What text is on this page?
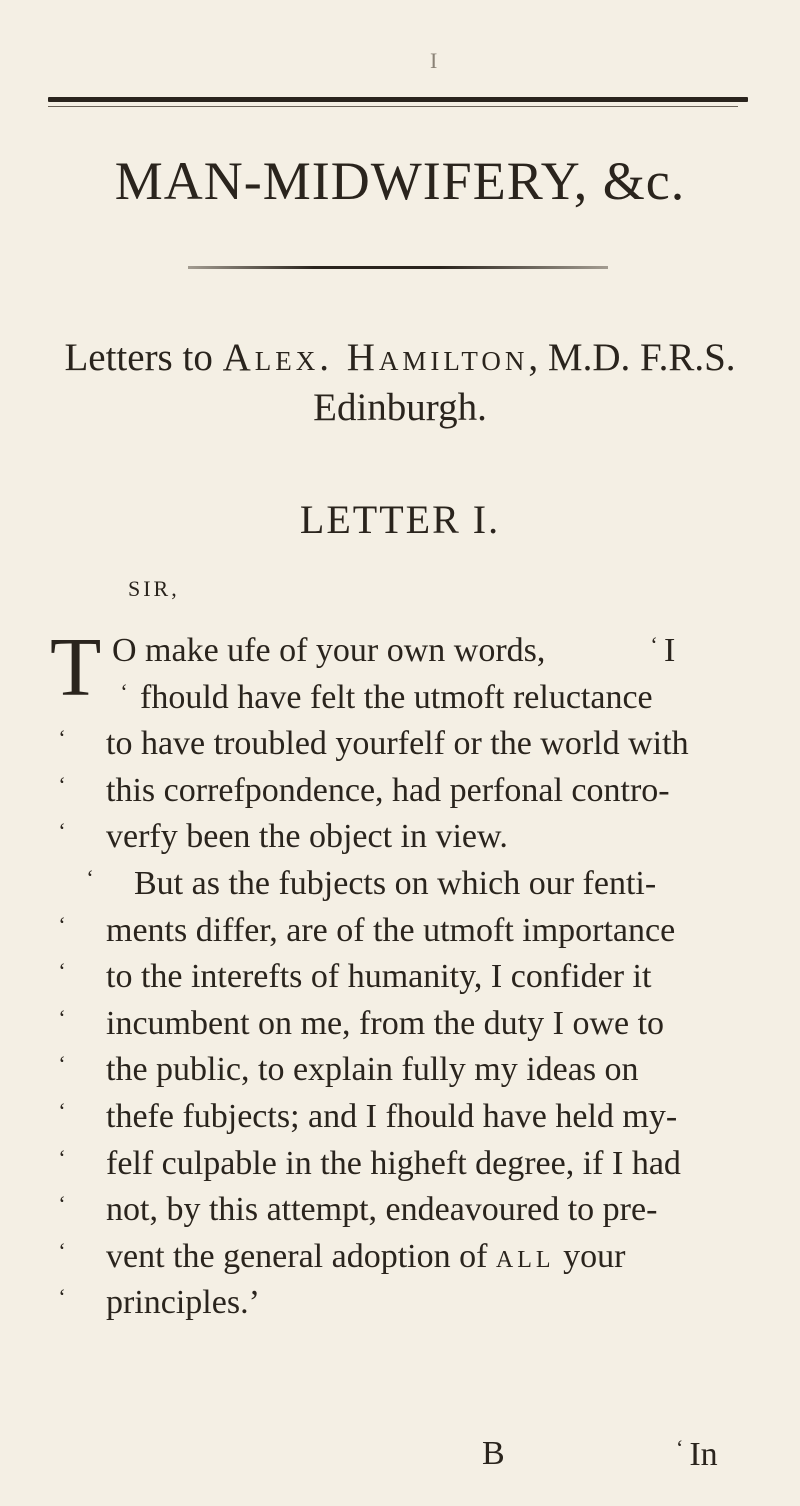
I
MAN-MIDWIFERY, &c.
Letters to Alex. Hamilton, M.D. F.R.S.
Edinburgh.
LETTER I.
SIR,
T O make ufe of your own words,	‘ I
‘ fhould have felt the utmoft reluctance
‘ to have troubled yourfelf or the world with
‘ this correfpondence, had perfonal contro-
‘ verfy been the object in view.
‘ But as the fubjects on which our fenti-
‘ ments differ, are of the utmoft importance
‘ to the interefts of humanity, I confider it
‘ incumbent on me, from the duty I owe to
‘ the public, to explain fully my ideas on
‘ thefe fubjects; and I fhould have held my-
‘ felf culpable in the higheft degree, if I had
‘ not, by this attempt, endeavoured to pre-
‘ vent the general adoption of all your
‘ principles.’
B	‘ In
